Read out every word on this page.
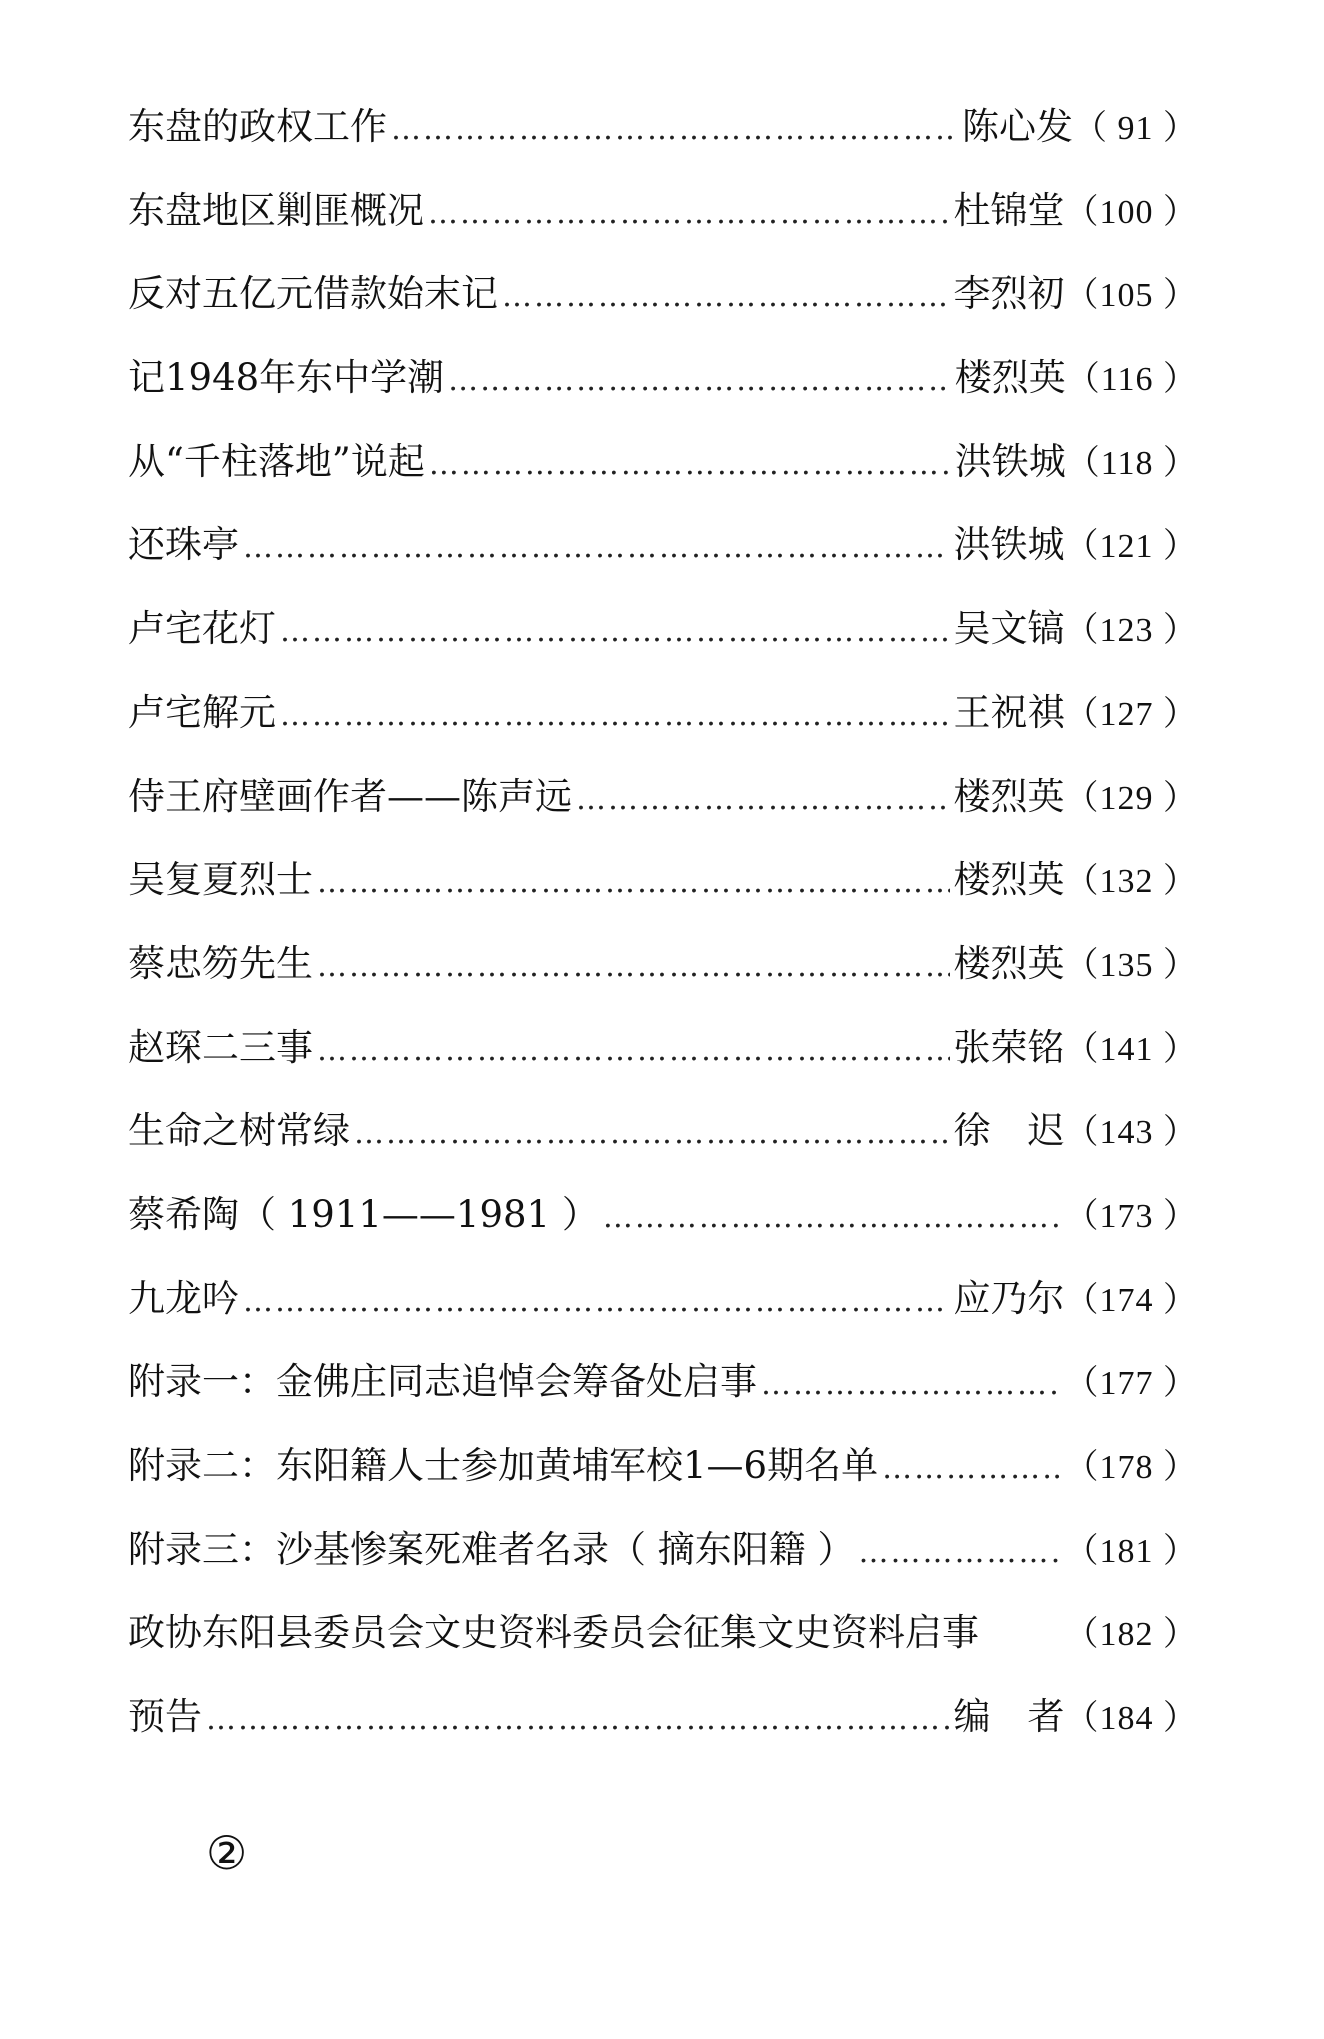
东盘的政权工作 ……………………………………………………………………………………………………………………………………………………………………	陈心发 （ 91 ）
东盘地区剿匪概况 ……………………………………………………………………………………………………………………………………………………………………	杜锦堂 （100 ）
反对五亿元借款始末记 ……………………………………………………………………………………………………………………………………………………………………	李烈初 （105 ）
记1948年东中学潮 ……………………………………………………………………………………………………………………………………………………………………	楼烈英 （116 ）
从“千柱落地”说起 ……………………………………………………………………………………………………………………………………………………………………	洪铁城 （118 ）
还珠亭 ……………………………………………………………………………………………………………………………………………………………………	洪铁城 （121 ）
卢宅花灯 ……………………………………………………………………………………………………………………………………………………………………	吴文镐 （123 ）
卢宅解元 ……………………………………………………………………………………………………………………………………………………………………	王祝祺 （127 ）
侍王府壁画作者——陈声远 ……………………………………………………………………………………………………………………………………………………………………	楼烈英 （129 ）
吴复夏烈士 ……………………………………………………………………………………………………………………………………………………………………	楼烈英 （132 ）
蔡忠笏先生 ……………………………………………………………………………………………………………………………………………………………………	楼烈英 （135 ）
赵琛二三事 ……………………………………………………………………………………………………………………………………………………………………	张荣铭 （141 ）
生命之树常绿 ……………………………………………………………………………………………………………………………………………………………………	徐　迟 （143 ）
蔡希陶（ 1911——1981 ） ……………………………………………………………………………………………………………………………………………………………………	（173 ）
九龙吟 ……………………………………………………………………………………………………………………………………………………………………	应乃尔 （174 ）
附录一：金佛庄同志追悼会筹备处启事 ……………………………………………………………………………………………………………………………………………………………………	（177 ）
附录二：东阳籍人士参加黄埔军校1—6期名单 ……………………………………………………………………………………………………………………………………………………………………	（178 ）
附录三：沙基惨案死难者名录（ 摘东阳籍 ） ……………………………………………………………………………………………………………………………………………………………………	（181 ）
政协东阳县委员会文史资料委员会征集文史资料启事	（182 ）
预告 ……………………………………………………………………………………………………………………………………………………………………	编　者 （184 ）
②
